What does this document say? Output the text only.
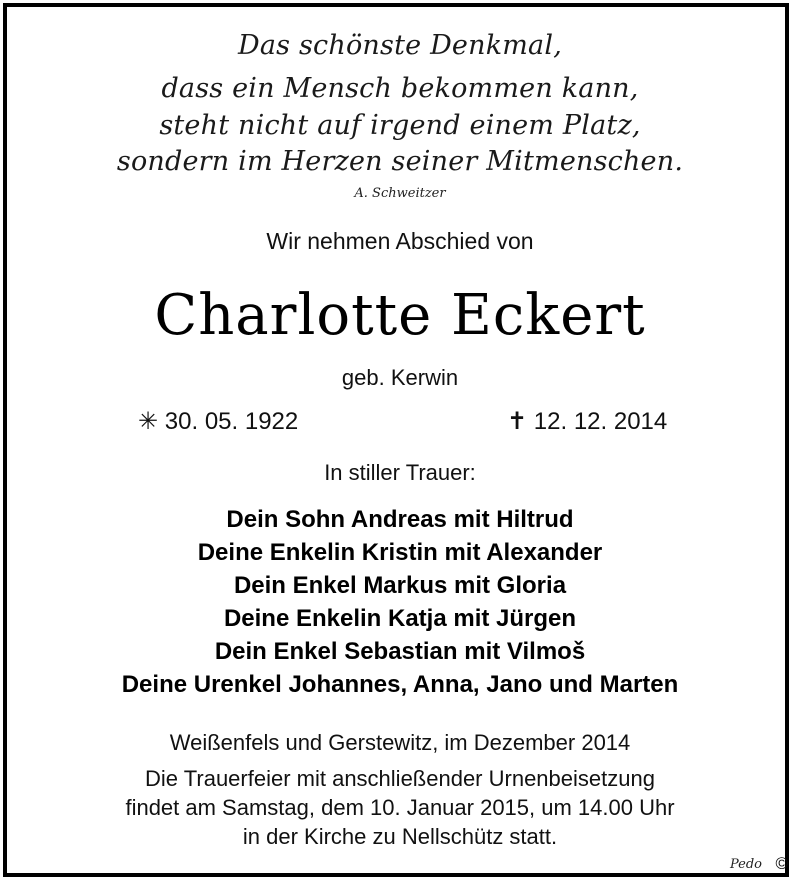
Das schönste Denkmal,
dass ein Mensch bekommen kann,
steht nicht auf irgend einem Platz,
sondern im Herzen seiner Mitmenschen.
A. Schweitzer
Wir nehmen Abschied von
Charlotte Eckert
geb. Kerwin
✳ 30. 05. 1922	✝ 12. 12. 2014
In stiller Trauer:
Dein Sohn Andreas mit Hiltrud
Deine Enkelin Kristin mit Alexander
Dein Enkel Markus mit Gloria
Deine Enkelin Katja mit Jürgen
Dein Enkel Sebastian mit Vilmoš
Deine Urenkel Johannes, Anna, Jano und Marten
Weißenfels und Gerstewitz, im Dezember 2014
Die Trauerfeier mit anschließender Urnenbeisetzung
findet am Samstag, dem 10. Januar 2015, um 14.00 Uhr
in der Kirche zu Nellschütz statt.
Pedo ©
